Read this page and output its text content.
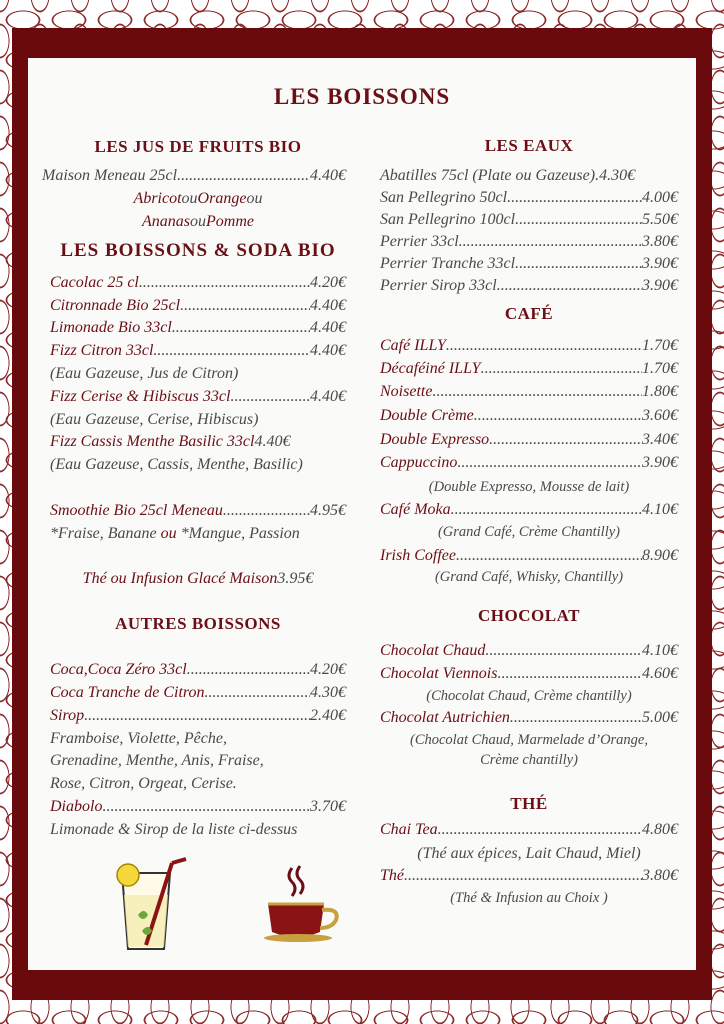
LES BOISSONS
LES JUS DE FRUITS BIO
Maison Meneau 25cl .....	4.40€
Abricot ou Orange ou
Ananas ou Pomme
LES BOISSONS & SODA BIO
Cacolac 25 cl .....	4.20€
Citronnade Bio 25cl .....	4.40€
Limonade Bio 33cl .....	4.40€
Fizz Citron 33cl .....	4.40€
(Eau Gazeuse, Jus de Citron)
Fizz Cerise & Hibiscus 33cl .....	4.40€
(Eau Gazeuse, Cerise, Hibiscus)
Fizz Cassis Menthe Basilic 33cl 4.40€
(Eau Gazeuse, Cassis, Menthe, Basilic)
Smoothie Bio 25cl Meneau .....	4.95€
*Fraise, Banane ou *Mangue, Passion
Thé ou Infusion Glacé Maison 3.95€
AUTRES BOISSONS
Coca,Coca Zéro 33cl .....	4.20€
Coca Tranche de Citron .....	4.30€
Sirop .....	2.40€
Framboise, Violette, Pêche,
Grenadine, Menthe, Anis, Fraise,
Rose, Citron, Orgeat, Cerise.
Diabolo .....	3.70€
Limonade & Sirop de la liste ci-dessus
LES EAUX
Abatilles 75cl (Plate ou Gazeuse) .4.30€
San Pellegrino 50cl .....	4.00€
San Pellegrino 100cl .....	5.50€
Perrier 33cl .....	3.80€
Perrier Tranche 33cl .....	3.90€
Perrier Sirop 33cl .....	3.90€
CAFÉ
Café ILLY .....	1.70€
Décaféiné ILLY .....	1.70€
Noisette .....	1.80€
Double Crème .....	3.60€
Double Expresso .....	3.40€
Cappuccino .....	3.90€
(Double Expresso, Mousse de lait)
Café Moka .....	4.10€
(Grand Café, Crème Chantilly)
Irish Coffee .....	8.90€
(Grand Café, Whisky, Chantilly)
CHOCOLAT
Chocolat Chaud .....	4.10€
Chocolat Viennois .....	4.60€
(Chocolat Chaud, Crème chantilly)
Chocolat Autrichien .....	5.00€
(Chocolat Chaud, Marmelade d’Orange,
Crème chantilly)
THÉ
Chai Tea .....	4.80€
(Thé aux épices, Lait Chaud, Miel)
Thé .....	3.80€
(Thé & Infusion au Choix )
